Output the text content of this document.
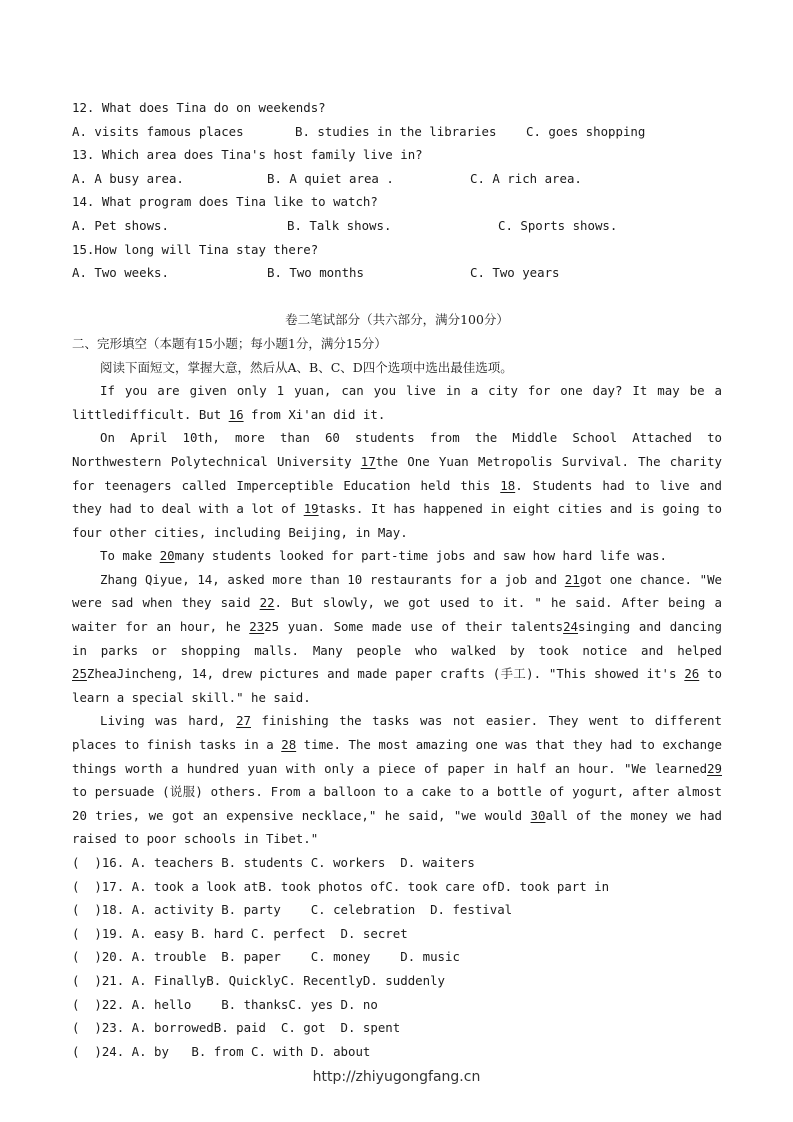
12. What does Tina do on weekends?
A. visits famous places	B. studies in the libraries	C. goes shopping
13. Which area does Tina's host family live in?
A. A busy area.	B. A quiet area .	C. A rich area.
14. What program does Tina like to watch?
A. Pet shows.	B. Talk shows.	C. Sports shows.
15.How long will Tina stay there?
A. Two weeks.	B. Two months	C. Two years
卷二笔试部分（共六部分，满分100分）
二、完形填空（本题有15小题；每小题1分，满分15分）
阅读下面短文，掌握大意，然后从A、B、C、D四个选项中选出最佳选项。
If you are given only 1 yuan, can you live in a city for one day? It may be a littledifficult. But 16 from Xi'an did it.
On April 10th, more than 60 students from the Middle School Attached to Northwestern Polytechnical University 17the One Yuan Metropolis Survival. The charity for teenagers called Imperceptible Education held this 18. Students had to live and they had to deal with a lot of 19tasks. It has happened in eight cities and is going to four other cities, including Beijing, in May.
To make 20many students looked for part-time jobs and saw how hard life was.
Zhang Qiyue, 14, asked more than 10 restaurants for a job and 21got one chance. "We were sad when they said 22. But slowly, we got used to it. " he said. After being a waiter for an hour, he 2325 yuan. Some made use of their talents24singing and dancing in parks or shopping malls. Many people who walked by took notice and helped 25ZheaJincheng, 14, drew pictures and made paper crafts (手工). "This showed it's 26 to learn a special skill." he said.
Living was hard, 27 finishing the tasks was not easier. They went to different places to finish tasks in a 28 time. The most amazing one was that they had to exchange things worth a hundred yuan with only a piece of paper in half an hour. "We learned29 to persuade (说服) others. From a balloon to a cake to a bottle of yogurt, after almost 20 tries, we got an expensive necklace," he said, "we would 30all of the money we had raised to poor schools in Tibet."
(  )16. A. teachers B. students C. workers  D. waiters
(  )17. A. took a look atB. took photos ofC. took care ofD. took part in
(  )18. A. activity B. party    C. celebration  D. festival
(  )19. A. easy B. hard C. perfect  D. secret
(  )20. A. trouble  B. paper    C. money    D. music
(  )21. A. FinallyB. QuicklyC. RecentlyD. suddenly
(  )22. A. hello    B. thanksC. yes D. no
(  )23. A. borrowedB. paid  C. got  D. spent
(  )24. A. by   B. from C. with D. about
http://zhiyugongfang.cn
